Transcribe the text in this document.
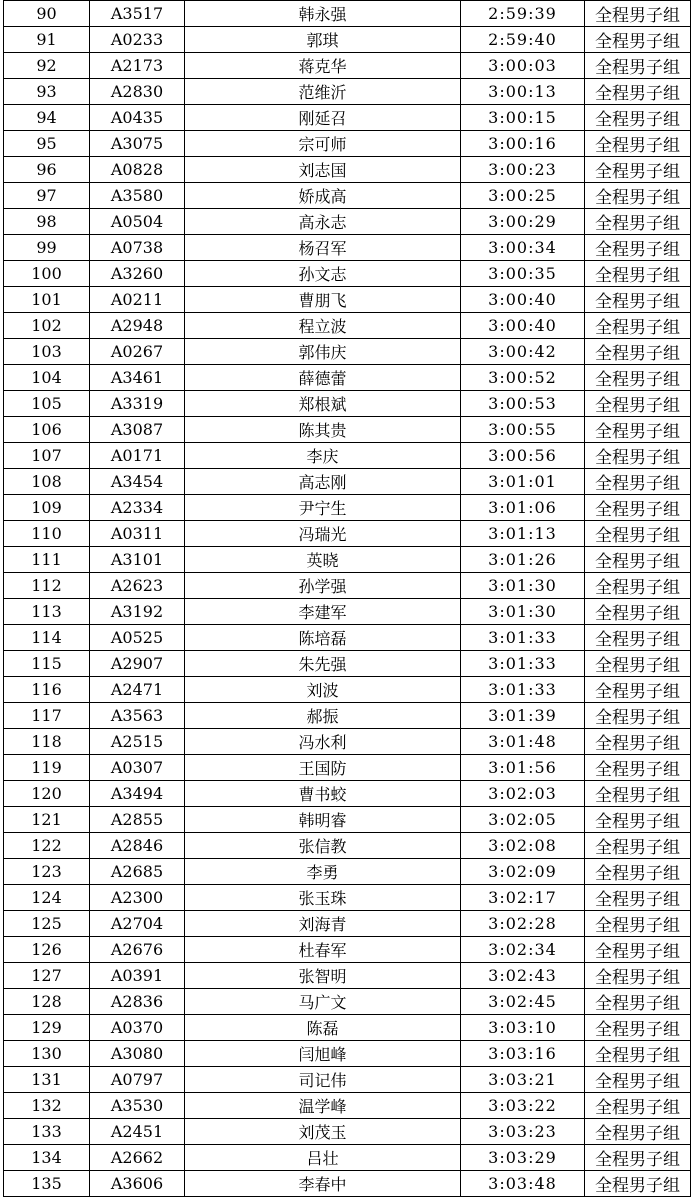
90	A3517	韩永强	2:59:39	全程男子组
91	A0233	郭琪	2:59:40	全程男子组
92	A2173	蒋克华	3:00:03	全程男子组
93	A2830	范维沂	3:00:13	全程男子组
94	A0435	刚延召	3:00:15	全程男子组
95	A3075	宗可师	3:00:16	全程男子组
96	A0828	刘志国	3:00:23	全程男子组
97	A3580	娇成高	3:00:25	全程男子组
98	A0504	高永志	3:00:29	全程男子组
99	A0738	杨召军	3:00:34	全程男子组
100	A3260	孙文志	3:00:35	全程男子组
101	A0211	曹朋飞	3:00:40	全程男子组
102	A2948	程立波	3:00:40	全程男子组
103	A0267	郭伟庆	3:00:42	全程男子组
104	A3461	薛德蕾	3:00:52	全程男子组
105	A3319	郑根斌	3:00:53	全程男子组
106	A3087	陈其贵	3:00:55	全程男子组
107	A0171	李庆	3:00:56	全程男子组
108	A3454	高志刚	3:01:01	全程男子组
109	A2334	尹宁生	3:01:06	全程男子组
110	A0311	冯瑞光	3:01:13	全程男子组
111	A3101	英晓	3:01:26	全程男子组
112	A2623	孙学强	3:01:30	全程男子组
113	A3192	李建军	3:01:30	全程男子组
114	A0525	陈培磊	3:01:33	全程男子组
115	A2907	朱先强	3:01:33	全程男子组
116	A2471	刘波	3:01:33	全程男子组
117	A3563	郝振	3:01:39	全程男子组
118	A2515	冯水利	3:01:48	全程男子组
119	A0307	王国防	3:01:56	全程男子组
120	A3494	曹书蛟	3:02:03	全程男子组
121	A2855	韩明睿	3:02:05	全程男子组
122	A2846	张信教	3:02:08	全程男子组
123	A2685	李勇	3:02:09	全程男子组
124	A2300	张玉珠	3:02:17	全程男子组
125	A2704	刘海青	3:02:28	全程男子组
126	A2676	杜春军	3:02:34	全程男子组
127	A0391	张智明	3:02:43	全程男子组
128	A2836	马广文	3:02:45	全程男子组
129	A0370	陈磊	3:03:10	全程男子组
130	A3080	闫旭峰	3:03:16	全程男子组
131	A0797	司记伟	3:03:21	全程男子组
132	A3530	温学峰	3:03:22	全程男子组
133	A2451	刘茂玉	3:03:23	全程男子组
134	A2662	吕壮	3:03:29	全程男子组
135	A3606	李春中	3:03:48	全程男子组
